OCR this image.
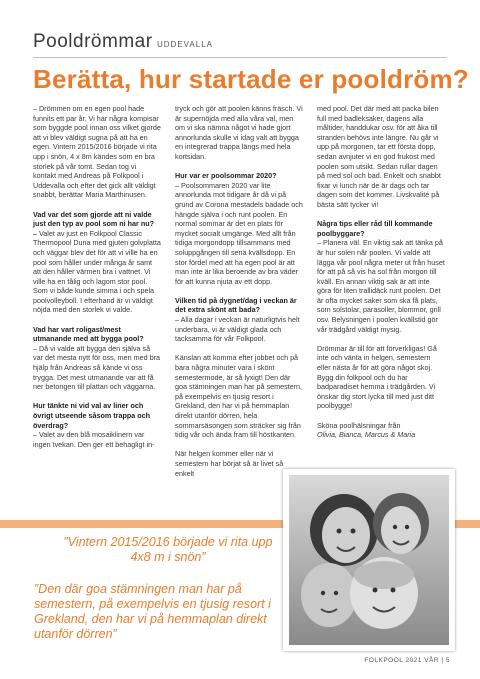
Pooldrömmar UDDEVALLA
Berätta, hur startade er pooldröm?

– Drömmen om en egen pool hade funnits ett par år. Vi har några kompisar som byggde pool innan oss vilket gjorde att vi blev väldigt sugna på att ha en egen. Vintern 2015/2016 började vi rita upp i snön, 4 x 8m kändes som en bra storlek på vår tomt. Sedan tog vi kontakt med Andreas på Folkpool i Uddevalla och efter det gick allt väldigt snabbt, berättar Maria Marthinusen.

Vad var det som gjorde att ni valde just den typ av pool som ni har nu?

– Valet av just en Folkpool Classic Thermopool Duna med gjuten golvplatta och väggar blev det för att vi ville ha en pool som håller under många år samt att den håller värmen bra i vattnet. Vi ville ha en tålig och lagom stor pool. Som vi både kunde simma i och spela poolvolleyboll. I efterhand är vi väldigt nöjda med den storlek vi valde.

Vad har vart roligast/mest utmanande med att bygga pool?

– Då vi valde att bygga den själva så var det mesta nytt för oss, men med bra hjälp från Andreas så kände vi oss trygga. Det mest utmanande var att få ner betongen till plattan och väggarna.

Hur tänkte ni vid val av liner och övrigt utseende såsom trappa och överdrag?

– Valet av den blå mosaiklinern var ingen tvekan. Den ger ett behagligt in-

tryck och gör att poolen känns fräsch. Vi är supernöjda med alla våra val, men om vi ska nämna något vi hade gjort annorlunda skulle vi idag valt att bygga en integrerad trappa längs med hela kortsidan.

Hur var er poolsommar 2020?

– Poolsommaren 2020 var lite annorlunda mot tidigare år då vi på grund av Corona mestadels badade och hängde själva i och runt poolen. En normal sommar är det en plats för mycket socialt umgänge. Med allt från tidiga morgondopp tillsammans med soluppgången till sena kvällsdopp. En stor fördel med att ha egen pool är att man inte är lika beroende av bra väder för att kunna njuta av ett dopp.

Vilken tid på dygnet/dag i veckan är det extra skönt att bada?

– Alla dagar i veckan är naturligtvis helt underbara, vi är väldigt glada och tacksamma för vår Folkpool.

Känslan att komma efter jobbet och på bara några minuter vara i skönt semestermode, är så lyxigt! Den där goa stämningen man har på semestern, på exempelvis en tjusig resort i Grekland, den har vi på hemmaplan direkt utanför dörren, hela sommarsäsongen som sträcker sig från tidig vår och ända fram till höstkanten.

När helgen kommer eller när vi semestern har börjat så är livet så enkelt

med pool. Det där med att packa bilen full med badleksaker, dagens alla måltider, handdukar osv. för att åka till stranden behövs inte längre. Nu går vi upp på morgonen, tar ett första dopp, sedan avnjuter vi en god frukost med poolen som utsikt. Sedan rullar dagen på med sol och bad. Enkelt och snabbt fixar vi lunch när de är dags och tar dagen som det kommer. Livskvalité på bästa sätt tycker vi!

Några tips eller råd till kommande poolbyggare?

– Planera väl. En viktig sak att tänka på är hur solen når poolen. Vi valde att lägga vår pool några meter ut från huset för att på så vis ha sol från morgon till kväll. En annan viktig sak är att inte göra för liten trallidäck runt poolen. Det är ofta mycket saker som ska få plats, som solstolar, parasoller, blommor, grill osv. Belysningen i poolen kvällstid gör vår trädgård väldigt mysig.

Drömmar är till för att förverkligas! Gå inte och vänta in helgen, semestern eller nästa år för att göra något skoj. Bygg din folkpool och du har badparadiset hemma i trädgården. Vi önskar dig stort lycka till med just ditt poolbygge!

Sköna poolhälsningar från

Olivia, Bianca, Marcus & Maria

”Vintern 2015/2016 började vi rita upp 4x8 m i snön”
”Den där goa stämningen man har på semestern, på exempelvis en tjusig resort i Grekland, den har vi på hemmaplan direkt utanför dörren”
FOLKPOOL 2021 VÅR | 5
